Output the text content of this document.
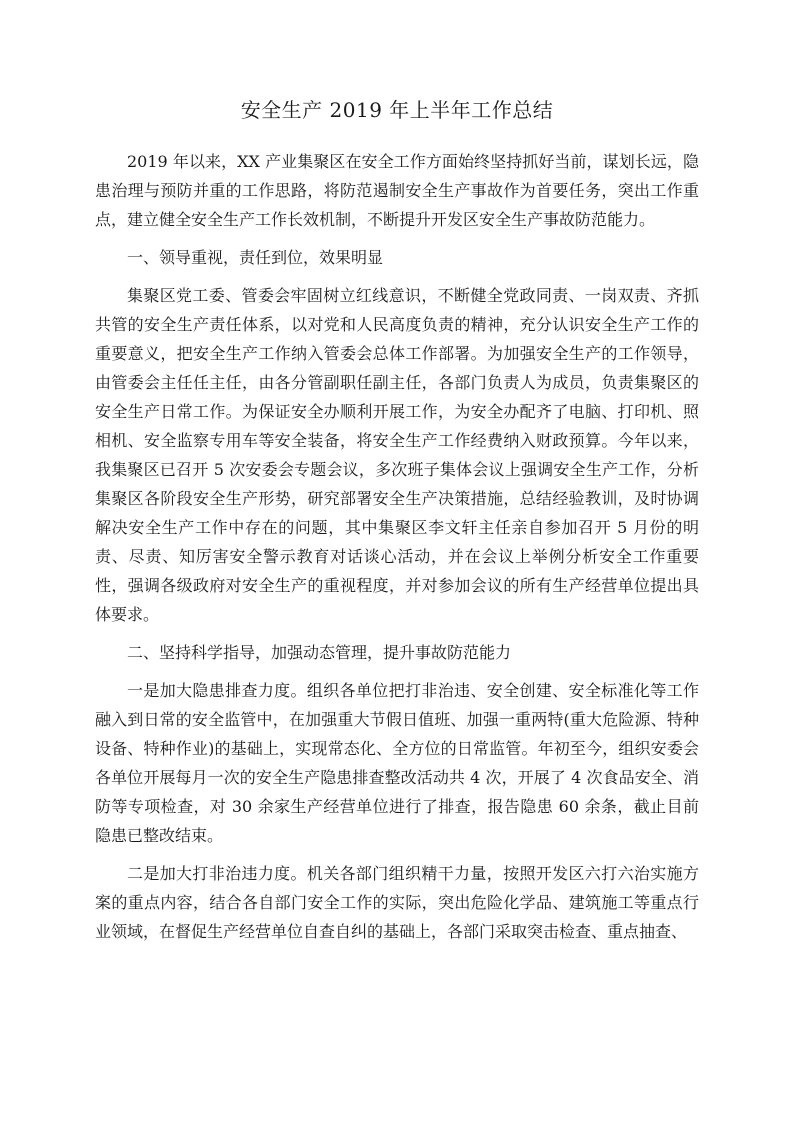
安全生产 2019 年上半年工作总结

2019 年以来，XX 产业集聚区在安全工作方面始终坚持抓好当前，谋划长远，隐患治理与预防并重的工作思路，将防范遏制安全生产事故作为首要任务，突出工作重点，建立健全安全生产工作长效机制，不断提升开发区安全生产事故防范能力。

一、领导重视，责任到位，效果明显

集聚区党工委、管委会牢固树立红线意识，不断健全党政同责、一岗双责、齐抓共管的安全生产责任体系，以对党和人民高度负责的精神，充分认识安全生产工作的重要意义，把安全生产工作纳入管委会总体工作部署。为加强安全生产的工作领导，由管委会主任任主任，由各分管副职任副主任，各部门负责人为成员，负责集聚区的安全生产日常工作。为保证安全办顺利开展工作，为安全办配齐了电脑、打印机、照相机、安全监察专用车等安全装备，将安全生产工作经费纳入财政预算。今年以来，我集聚区已召开 5 次安委会专题会议，多次班子集体会议上强调安全生产工作，分析集聚区各阶段安全生产形势，研究部署安全生产决策措施，总结经验教训，及时协调解决安全生产工作中存在的问题，其中集聚区李文轩主任亲自参加召开 5 月份的明责、尽责、知厉害安全警示教育对话谈心活动，并在会议上举例分析安全工作重要性，强调各级政府对安全生产的重视程度，并对参加会议的所有生产经营单位提出具体要求。

二、坚持科学指导，加强动态管理，提升事故防范能力

一是加大隐患排查力度。组织各单位把打非治违、安全创建、安全标准化等工作融入到日常的安全监管中，在加强重大节假日值班、加强一重两特(重大危险源、特种设备、特种作业)的基础上，实现常态化、全方位的日常监管。年初至今，组织安委会各单位开展每月一次的安全生产隐患排查整改活动共 4 次，开展了 4 次食品安全、消防等专项检查，对 30 余家生产经营单位进行了排查，报告隐患 60 余条，截止目前隐患已整改结束。

二是加大打非治违力度。机关各部门组织精干力量，按照开发区六打六治实施方案的重点内容，结合各自部门安全工作的实际，突出危险化学品、建筑施工等重点行业领域，在督促生产经营单位自查自纠的基础上，各部门采取突击检查、重点抽查、
